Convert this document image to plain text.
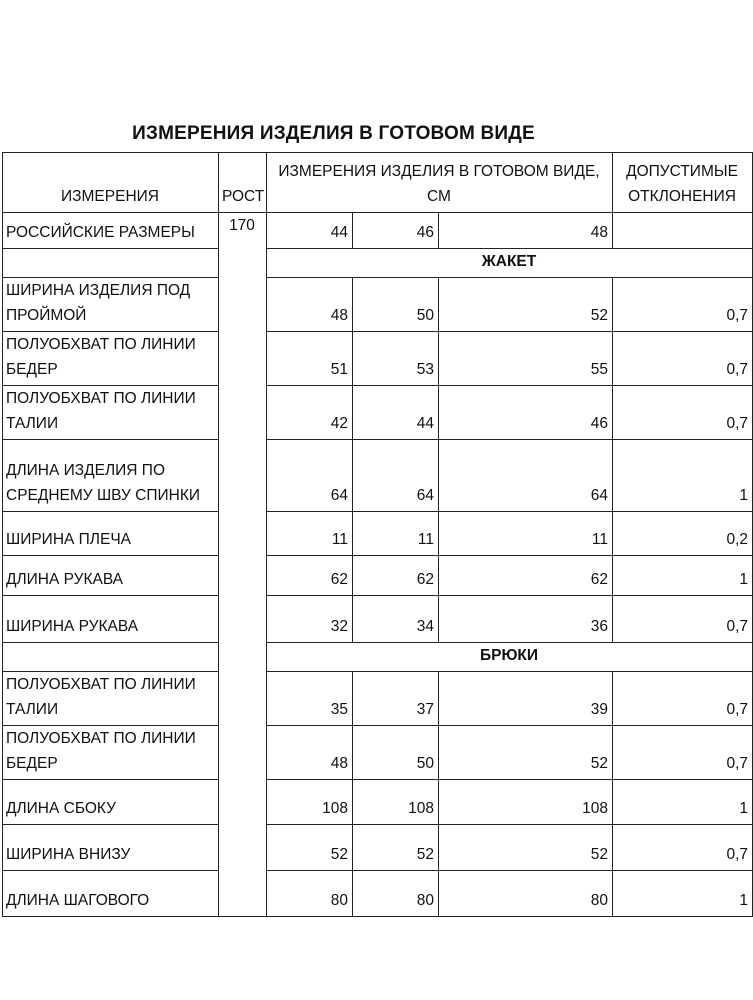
ИЗМЕРЕНИЯ ИЗДЕЛИЯ В ГОТОВОМ ВИДЕ
ИЗМЕРЕНИЯ	РОСТ	ИЗМЕРЕНИЯ ИЗДЕЛИЯ В ГОТОВОМ ВИДЕ, СМ			ДОПУСТИМЫЕ ОТКЛОНЕНИЯ
РОССИЙСКИЕ РАЗМЕРЫ	170	44	46	48	
		ЖАКЕТ			
ШИРИНА ИЗДЕЛИЯ ПОД ПРОЙМОЙ		48	50	52	0,7
ПОЛУОБХВАТ ПО ЛИНИИ БЕДЕР		51	53	55	0,7
ПОЛУОБХВАТ ПО ЛИНИИ ТАЛИИ		42	44	46	0,7
ДЛИНА ИЗДЕЛИЯ ПО СРЕДНЕМУ ШВУ СПИНКИ		64	64	64	1
ШИРИНА ПЛЕЧА		11	11	11	0,2
ДЛИНА РУКАВА		62	62	62	1
ШИРИНА РУКАВА		32	34	36	0,7
		БРЮКИ			
ПОЛУОБХВАТ ПО ЛИНИИ ТАЛИИ		35	37	39	0,7
ПОЛУОБХВАТ ПО ЛИНИИ БЕДЕР		48	50	52	0,7
ДЛИНА СБОКУ		108	108	108	1
ШИРИНА ВНИЗУ		52	52	52	0,7
ДЛИНА ШАГОВОГО		80	80	80	1
